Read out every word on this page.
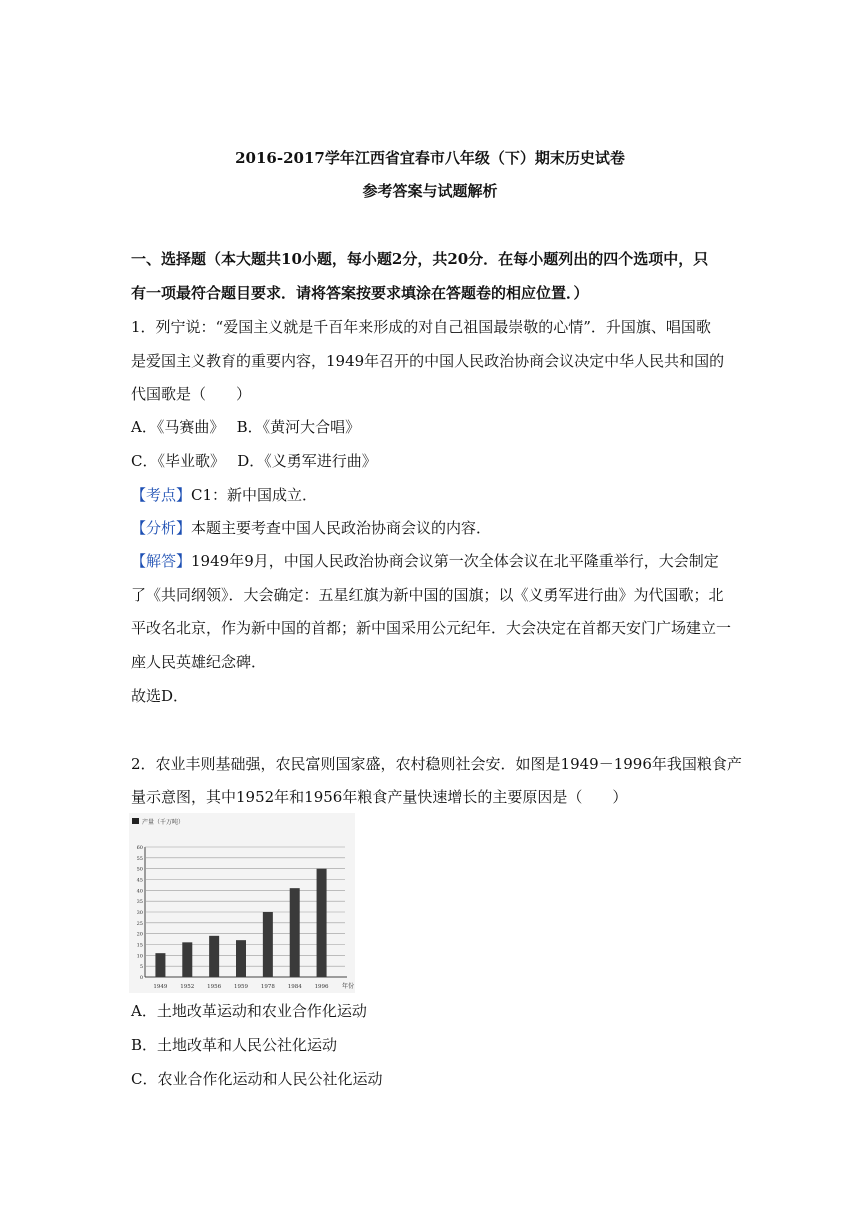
2016-2017学年江西省宜春市八年级（下）期末历史试卷
参考答案与试题解析
一、选择题（本大题共10小题，每小题2分，共20分．在每小题列出的四个选项中，只
有一项最符合题目要求．请将答案按要求填涂在答题卷的相应位置．）
1．列宁说：“爱国主义就是千百年来形成的对自己祖国最崇敬的心情”．升国旗、唱国歌
是爱国主义教育的重要内容，1949年召开的中国人民政治协商会议决定中华人民共和国的
代国歌是（　　）
A．《马赛曲》　 B．《黄河大合唱》
C．《毕业歌》　 D．《义勇军进行曲》
【考点】C1：新中国成立．
【分析】本题主要考查中国人民政治协商会议的内容．
【解答】1949年9月，中国人民政治协商会议第一次全体会议在北平隆重举行，大会制定
了《共同纲领》．大会确定：五星红旗为新中国的国旗；以《义勇军进行曲》为代国歌；北
平改名北京，作为新中国的首都；新中国采用公元纪年．大会决定在首都天安门广场建立一
座人民英雄纪念碑．
故选D．
2．农业丰则基础强，农民富则国家盛，农村稳则社会安．如图是1949－1996年我国粮食产
量示意图，其中1952年和1956年粮食产量快速增长的主要原因是（　　）
产量（千万吨）
0
5
10
15
20
25
30
35
40
45
50
55
60
1949 1952 1956 1959 1978 1984 1996 年份
A．土地改革运动和农业合作化运动
B．土地改革和人民公社化运动
C．农业合作化运动和人民公社化运动
